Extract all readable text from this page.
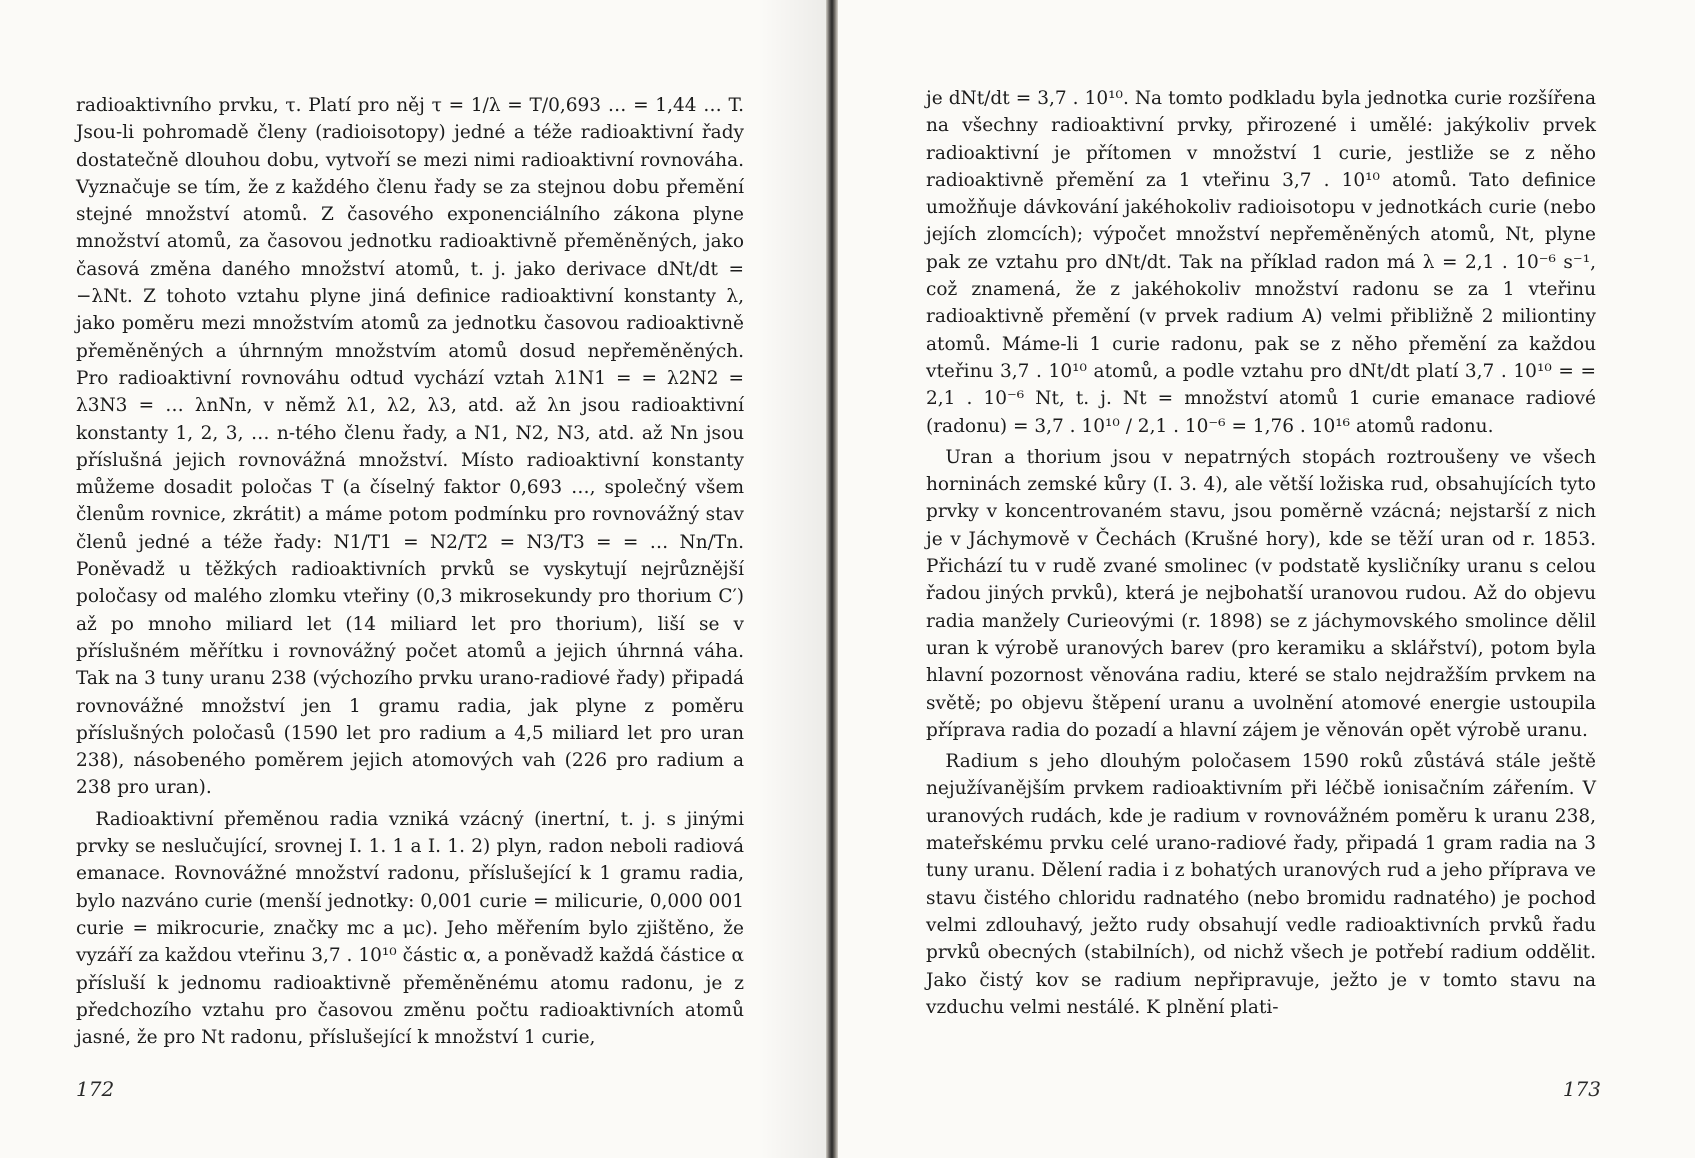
radioaktivního prvku, τ. Platí pro něj τ = 1/λ = T/0,693 … = 1,44 … T. Jsou-li pohromadě členy (radioisotopy) jedné a téže radioaktivní řady dostatečně dlouhou dobu, vytvoří se mezi nimi radioaktivní rovnováha. Vyznačuje se tím, že z každého členu řady se za stejnou dobu přemění stejné množství atomů. Z časového exponenciálního zákona plyne množství atomů, za časovou jednotku radioaktivně přeměněných, jako časová změna daného množství atomů, t. j. jako derivace dNt/dt = −λNt. Z tohoto vztahu plyne jiná definice radioaktivní konstanty λ, jako poměru mezi množstvím atomů za jednotku časovou radioaktivně přeměněných a úhrnným množstvím atomů dosud nepřeměněných. Pro radioaktivní rovnováhu odtud vychází vztah λ1N1 = = λ2N2 = λ3N3 = … λnNn, v němž λ1, λ2, λ3, atd. až λn jsou radioaktivní konstanty 1, 2, 3, … n-tého členu řady, a N1, N2, N3, atd. až Nn jsou příslušná jejich rovnovážná množství. Místo radioaktivní konstanty můžeme dosadit poločas T (a číselný faktor 0,693 …, společný všem členům rovnice, zkrátit) a máme potom podmínku pro rovnovážný stav členů jedné a téže řady: N1/T1 = N2/T2 = N3/T3 = = … Nn/Tn. Poněvadž u těžkých radioaktivních prvků se vyskytují nejrůznější poločasy od malého zlomku vteřiny (0,3 mikrosekundy pro thorium C′) až po mnoho miliard let (14 miliard let pro thorium), liší se v příslušném měřítku i rovnovážný počet atomů a jejich úhrnná váha. Tak na 3 tuny uranu 238 (výchozího prvku urano-radiové řady) připadá rovnovážné množství jen 1 gramu radia, jak plyne z poměru příslušných poločasů (1590 let pro radium a 4,5 miliard let pro uran 238), násobeného poměrem jejich atomových vah (226 pro radium a 238 pro uran).

Radioaktivní přeměnou radia vzniká vzácný (inertní, t. j. s jinými prvky se neslučující, srovnej I. 1. 1 a I. 1. 2) plyn, radon neboli radiová emanace. Rovnovážné množství radonu, příslušející k 1 gramu radia, bylo nazváno curie (menší jednotky: 0,001 curie = milicurie, 0,000 001 curie = mikrocurie, značky mc a μc). Jeho měřením bylo zjištěno, že vyzáří za každou vteřinu 3,7 . 10¹⁰ částic α, a poněvadž každá částice α přísluší k jednomu radioaktivně přeměněnému atomu radonu, je z předchozího vztahu pro časovou změnu počtu radioaktivních atomů jasné, že pro Nt radonu, příslušející k množství 1 curie,

172

je dNt/dt = 3,7 . 10¹⁰. Na tomto podkladu byla jednotka curie rozšířena na všechny radioaktivní prvky, přirozené i umělé: jakýkoliv prvek radioaktivní je přítomen v množství 1 curie, jestliže se z něho radioaktivně přemění za 1 vteřinu 3,7 . 10¹⁰ atomů. Tato definice umožňuje dávkování jakéhokoliv radioisotopu v jednotkách curie (nebo jejích zlomcích); výpočet množství nepřeměněných atomů, Nt, plyne pak ze vztahu pro dNt/dt. Tak na příklad radon má λ = 2,1 . 10⁻⁶ s⁻¹, což znamená, že z jakéhokoliv množství radonu se za 1 vteřinu radioaktivně přemění (v prvek radium A) velmi přibližně 2 miliontiny atomů. Máme-li 1 curie radonu, pak se z něho přemění za každou vteřinu 3,7 . 10¹⁰ atomů, a podle vztahu pro dNt/dt platí 3,7 . 10¹⁰ = = 2,1 . 10⁻⁶ Nt, t. j. Nt = množství atomů 1 curie emanace radiové (radonu) = 3,7 . 10¹⁰ / 2,1 . 10⁻⁶ = 1,76 . 10¹⁶ atomů radonu.

Uran a thorium jsou v nepatrných stopách roztroušeny ve všech horninách zemské kůry (I. 3. 4), ale větší ložiska rud, obsahujících tyto prvky v koncentrovaném stavu, jsou poměrně vzácná; nejstarší z nich je v Jáchymově v Čechách (Krušné hory), kde se těží uran od r. 1853. Přichází tu v rudě zvané smolinec (v podstatě kysličníky uranu s celou řadou jiných prvků), která je nejbohatší uranovou rudou. Až do objevu radia manžely Curieovými (r. 1898) se z jáchymovského smolince dělil uran k výrobě uranových barev (pro keramiku a sklářství), potom byla hlavní pozornost věnována radiu, které se stalo nejdražším prvkem na světě; po objevu štěpení uranu a uvolnění atomové energie ustoupila příprava radia do pozadí a hlavní zájem je věnován opět výrobě uranu.

Radium s jeho dlouhým poločasem 1590 roků zůstává stále ještě nejužívanějším prvkem radioaktivním při léčbě ionisačním zářením. V uranových rudách, kde je radium v rovnovážném poměru k uranu 238, mateřskému prvku celé urano-radiové řady, připadá 1 gram radia na 3 tuny uranu. Dělení radia i z bohatých uranových rud a jeho příprava ve stavu čistého chloridu radnatého (nebo bromidu radnatého) je pochod velmi zdlouhavý, ježto rudy obsahují vedle radioaktivních prvků řadu prvků obecných (stabilních), od nichž všech je potřebí radium oddělit. Jako čistý kov se radium nepřipravuje, ježto je v tomto stavu na vzduchu velmi nestálé. K plnění plati-

173
